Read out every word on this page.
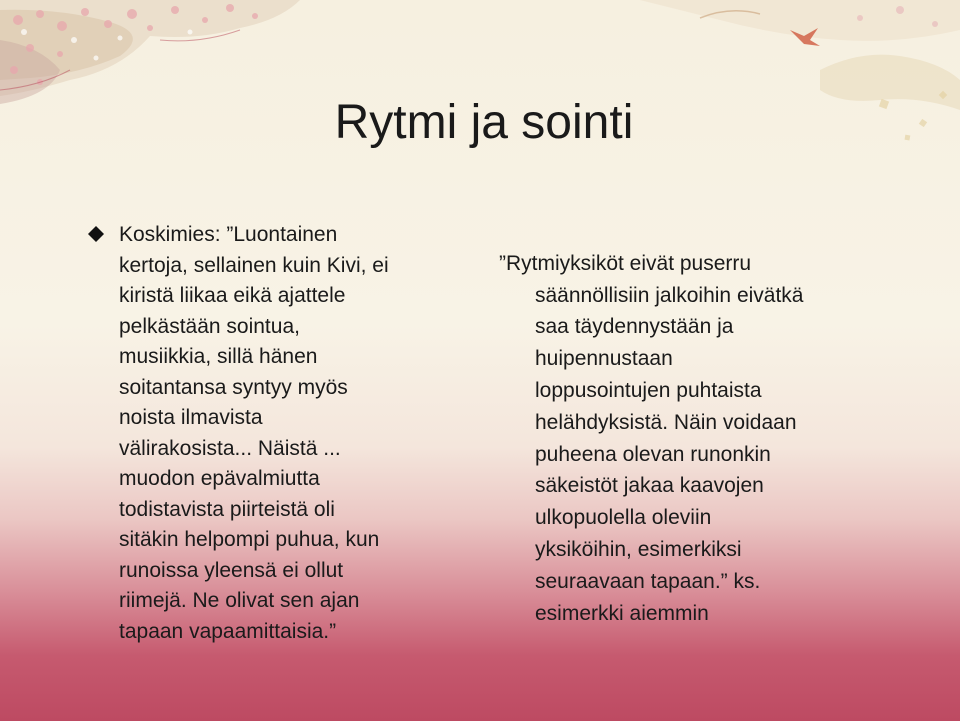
Rytmi ja sointi

Koskimies: ”Luontainen
kertoja, sellainen kuin Kivi, ei
kiristä liikaa eikä ajattele
pelkästään sointua,
musiikkia, sillä hänen
soitantansa syntyy myös
noista ilmavista
välirakosista... Näistä ...
muodon epävalmiutta
todistavista piirteistä oli
sitäkin helpompi puhua, kun
runoissa yleensä ei ollut
riimejä. Ne olivat sen ajan
tapaan vapaamittaisia.”

”Rytmiyksiköt eivät puserru
säännöllisiin jalkoihin eivätkä
saa täydennystään ja
huipennustaan
loppusointujen puhtaista
helähdyksistä. Näin voidaan
puheena olevan runonkin
säkeistöt jakaa kaavojen
ulkopuolella oleviin
yksiköihin, esimerkiksi
seuraavaan tapaan.” ks.
esimerkki aiemmin
